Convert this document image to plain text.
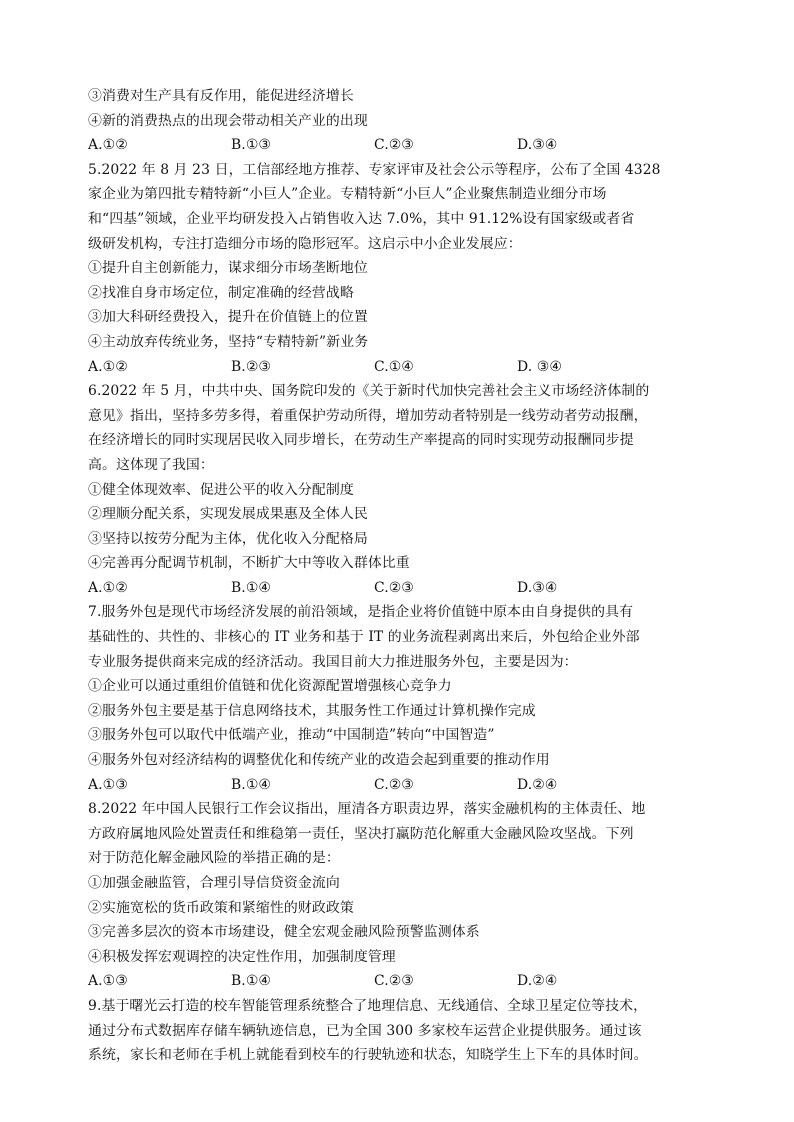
③消费对生产具有反作用，能促进经济增长
④新的消费热点的出现会带动相关产业的出现
A.①②	B.①③	C.②③	D.③④
5.2022 年 8 月 23 日，工信部经地方推荐、专家评审及社会公示等程序，公布了全国 4328
家企业为第四批专精特新“小巨人”企业。专精特新“小巨人”企业聚焦制造业细分市场
和“四基”领域，企业平均研发投入占销售收入达 7.0%，其中 91.12%设有国家级或者省
级研发机构，专注打造细分市场的隐形冠军。这启示中小企业发展应：
①提升自主创新能力，谋求细分市场垄断地位
②找准自身市场定位，制定准确的经营战略
③加大科研经费投入，提升在价值链上的位置
④主动放弃传统业务，坚持“专精特新”新业务
A.①②	B.②③	C.①④	D. ③④
6.2022 年 5 月，中共中央、国务院印发的《关于新时代加快完善社会主义市场经济体制的
意见》指出，坚持多劳多得，着重保护劳动所得，增加劳动者特别是一线劳动者劳动报酬，
在经济增长的同时实现居民收入同步增长，在劳动生产率提高的同时实现劳动报酬同步提
高。这体现了我国：
①健全体现效率、促进公平的收入分配制度
②理顺分配关系，实现发展成果惠及全体人民
③坚持以按劳分配为主体，优化收入分配格局
④完善再分配调节机制，不断扩大中等收入群体比重
A.①②	B.①④	C.②③	D.③④
7.服务外包是现代市场经济发展的前沿领域，是指企业将价值链中原本由自身提供的具有
基础性的、共性的、非核心的 IT 业务和基于 IT 的业务流程剥离出来后，外包给企业外部
专业服务提供商来完成的经济活动。我国目前大力推进服务外包，主要是因为：
①企业可以通过重组价值链和优化资源配置增强核心竞争力
②服务外包主要是基于信息网络技术，其服务性工作通过计算机操作完成
③服务外包可以取代中低端产业，推动“中国制造”转向“中国智造”
④服务外包对经济结构的调整优化和传统产业的改造会起到重要的推动作用
A.①③	B.①④	C.②③	D.②④
8.2022 年中国人民银行工作会议指出，厘清各方职责边界，落实金融机构的主体责任、地
方政府属地风险处置责任和维稳第一责任，坚决打赢防范化解重大金融风险攻坚战。下列
对于防范化解金融风险的举措正确的是：
①加强金融监管，合理引导信贷资金流向
②实施宽松的货币政策和紧缩性的财政政策
③完善多层次的资本市场建设，健全宏观金融风险预警监测体系
④积极发挥宏观调控的决定性作用，加强制度管理
A.①③	B.①④	C.②③	D.②④
9.基于曙光云打造的校车智能管理系统整合了地理信息、无线通信、全球卫星定位等技术，
通过分布式数据库存储车辆轨迹信息，已为全国 300 多家校车运营企业提供服务。通过该
系统，家长和老师在手机上就能看到校车的行驶轨迹和状态，知晓学生上下车的具体时间。
